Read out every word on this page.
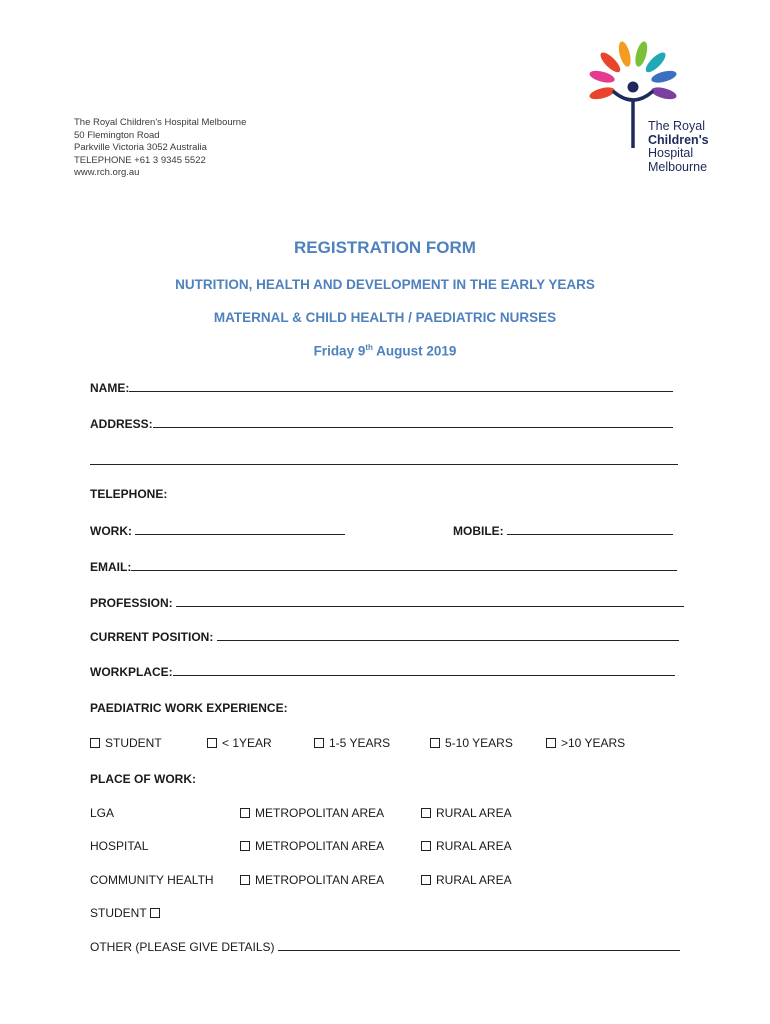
The Royal Children's Hospital Melbourne
50 Flemington Road
Parkville Victoria 3052 Australia
TELEPHONE +61 3 9345 5522
www.rch.org.au
The Royal
Children's
Hospital
Melbourne
REGISTRATION FORM
NUTRITION, HEALTH AND DEVELOPMENT IN THE EARLY YEARS
MATERNAL & CHILD HEALTH / PAEDIATRIC NURSES
Friday 9th August 2019
NAME:
ADDRESS:
TELEPHONE:
WORK:	MOBILE:
EMAIL:
PROFESSION:
CURRENT POSITION:
WORKPLACE:
PAEDIATRIC WORK EXPERIENCE:
STUDENT	< 1YEAR	1-5 YEARS	5-10 YEARS	>10 YEARS
PLACE OF WORK:
LGA	METROPOLITAN AREA	RURAL AREA
HOSPITAL	METROPOLITAN AREA	RURAL AREA
COMMUNITY HEALTH	METROPOLITAN AREA	RURAL AREA
STUDENT
OTHER (PLEASE GIVE DETAILS)
